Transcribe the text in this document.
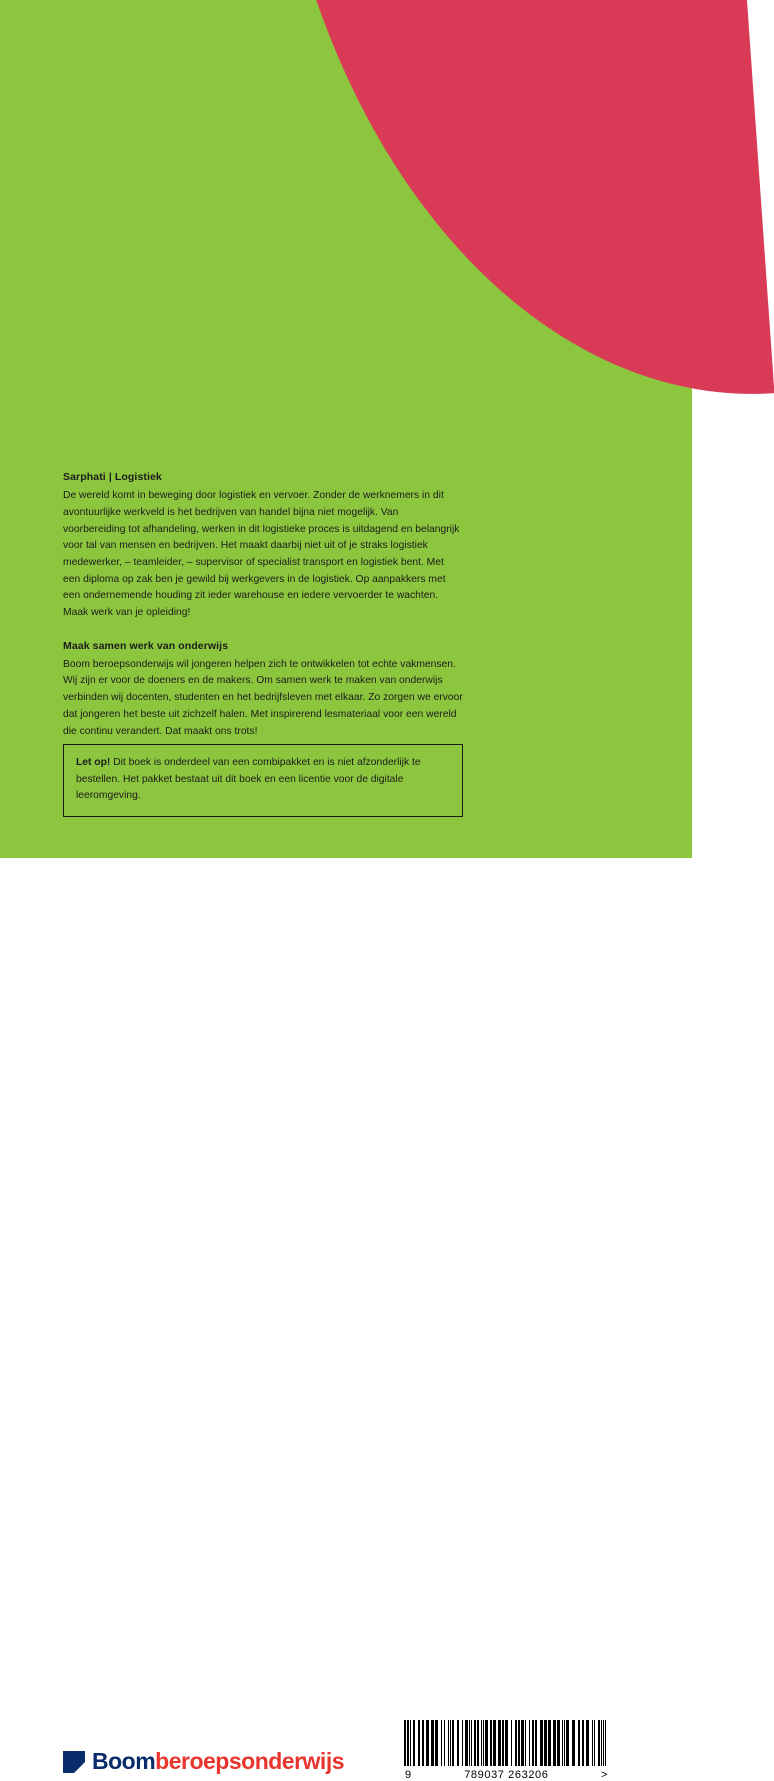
Sarphati | Logistiek

De wereld komt in beweging door logistiek en vervoer. Zonder de werknemers in dit avontuurlijke werkveld is het bedrijven van handel bijna niet mogelijk. Van voorbereiding tot afhandeling, werken in dit logistieke proces is uitdagend en belangrijk voor tal van mensen en bedrijven. Het maakt daarbij niet uit of je straks logistiek medewerker, – teamleider, – supervisor of specialist transport en logistiek bent. Met een diploma op zak ben je gewild bij werkgevers in de logistiek. Op aanpakkers met een ondernemende houding zit ieder warehouse en iedere vervoerder te wachten. Maak werk van je opleiding!

Maak samen werk van onderwijs

Boom beroepsonderwijs wil jongeren helpen zich te ontwikkelen tot echte vakmensen. Wij zijn er voor de doeners en de makers. Om samen werk te maken van onderwijs verbinden wij docenten, studenten en het bedrijfsleven met elkaar. Zo zorgen we ervoor dat jongeren het beste uit zichzelf halen. Met inspirerend lesmateriaal voor een wereld die continu verandert. Dat maakt ons trots!

Let op! Dit boek is onderdeel van een combipakket en is niet afzonderlijk te bestellen. Het pakket bestaat uit dit boek en een licentie voor de digitale leeromgeving.

Boomberoepsonderwijs
9	789037 263206	>
